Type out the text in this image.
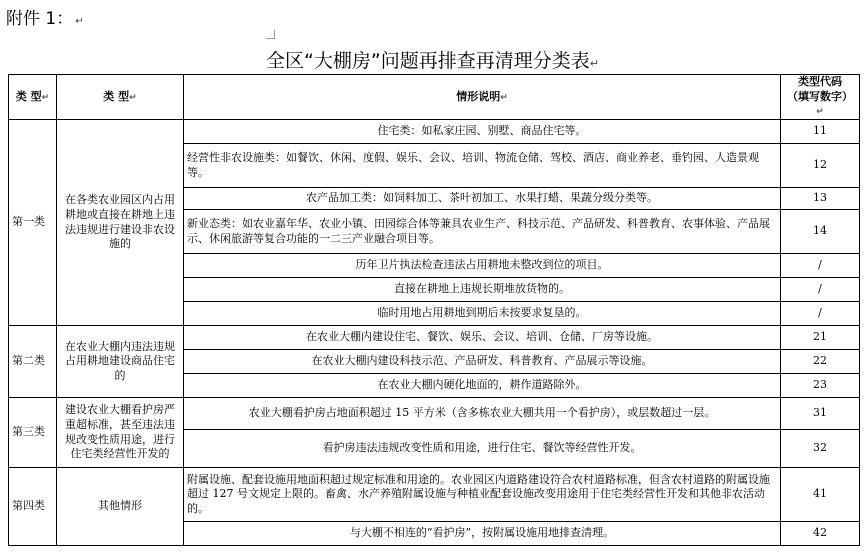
附件 1： ↵
全区“大棚房”问题再排查再清理分类表↵
类 型↵	类 型↵	情形说明↵	类型代码
（填写数字）↵

第一类	在各类农业园区内占用耕地或直接在耕地上违法违规进行建设非农设施的	住宅类：如私家庄园、别墅、商品住宅等。	11
		经营性非农设施类：如餐饮、休闲、度假、娱乐、会议、培训、物流仓储、驾校、酒店、商业养老、垂钓园、人造景观等。	12
		农产品加工类：如饲料加工、茶叶初加工、水果打蜡、果蔬分级分类等。	13
		新业态类：如农业嘉年华、农业小镇、田园综合体等兼具农业生产、科技示范、产品研发、科普教育、农事体验、产品展示、休闲旅游等复合功能的一二三产业融合项目等。	14
		历年卫片执法检查违法占用耕地未整改到位的项目。	/
		直接在耕地上违规长期堆放货物的。	/
		临时用地占用耕地到期后未按要求复垦的。	/
第二类	在农业大棚内违法违规占用耕地建设商品住宅的	在农业大棚内建设住宅、餐饮、娱乐、会议、培训、仓储、厂房等设施。	21
		在农业大棚内建设科技示范、产品研发、科普教育、产品展示等设施。	22
		在农业大棚内硬化地面的，耕作道路除外。	23
第三类	建设农业大棚看护房严重超标准，甚至违法违规改变性质用途，进行住宅类经营性开发的	农业大棚看护房占地面积超过 15 平方米（含多栋农业大棚共用一个看护房），或层数超过一层。	31
		看护房违法违规改变性质和用途，进行住宅、餐饮等经营性开发。	32
第四类	其他情形	附属设施、配套设施用地面积超过规定标准和用途的。农业园区内道路建设符合农村道路标准，但含农村道路的附属设施超过 127 号文规定上限的。畜禽、水产养殖附属设施与种植业配套设施改变用途用于住宅类经营性开发和其他非农活动的。	41
		与大棚不相连的“看护房”，按附属设施用地排查清理。	42
